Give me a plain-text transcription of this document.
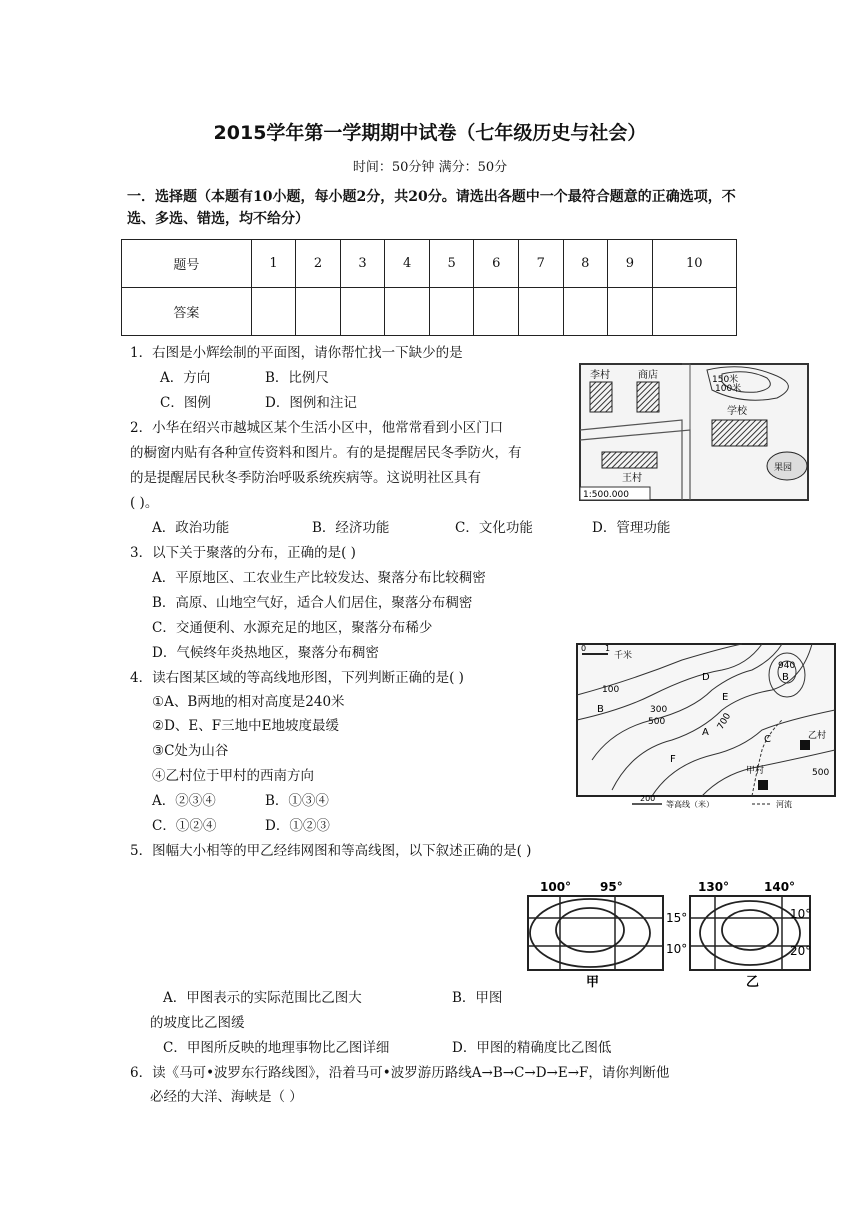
2015学年第一学期期中试卷（七年级历史与社会）
时间：50分钟 满分：50分
一．选择题（本题有10小题，每小题2分，共20分。请选出各题中一个最符合题意的正确选项，不选、多选、错选，均不给分）
题号	1	2	3	4	5	6	7	8	9	10
答案										
1．右图是小辉绘制的平面图，请你帮忙找一下缺少的是
A．方向	B．比例尺
C．图例	D．图例和注记
2．小华在绍兴市越城区某个生活小区中，他常常看到小区门口
的橱窗内贴有各种宣传资料和图片。有的是提醒居民冬季防火，有
的是提醒居民秋冬季防治呼吸系统疾病等。这说明社区具有
( )。
A．政治功能	B．经济功能	C．文化功能	D．管理功能
3．以下关于聚落的分布，正确的是( )
A．平原地区、工农业生产比较发达、聚落分布比较稠密
B．高原、山地空气好，适合人们居住，聚落分布稠密
C．交通便利、水源充足的地区，聚落分布稀少
D．气候终年炎热地区，聚落分布稠密
4．读右图某区域的等高线地形图，下列判断正确的是( )
①A、B两地的相对高度是240米
②D、E、F三地中E地坡度最缓
③C处为山谷
④乙村位于甲村的西南方向
A．②③④	B．①③④
C．①②④	D．①②③
5．图幅大小相等的甲乙经纬网图和等高线图，以下叙述正确的是( )
A．甲图表示的实际范围比乙图大	B．甲图
的坡度比乙图缓
C．甲图所反映的地理事物比乙图详细	D．甲图的精确度比乙图低
6．读《马可•波罗东行路线图》，沿着马可•波罗游历路线A→B→C→D→E→F，请你判断他
必经的大洋、海峡是（ ）
李村	商店
学校
王村
果园
150米
100米
1:500.000
0 1
千米
940
100
300
500	700
500
乙村
甲村
A
B
B
C
D
E
F
200
等高线（米）	河流
100° 95°
15°
10°
甲
130°	140°
10°
20°
乙
